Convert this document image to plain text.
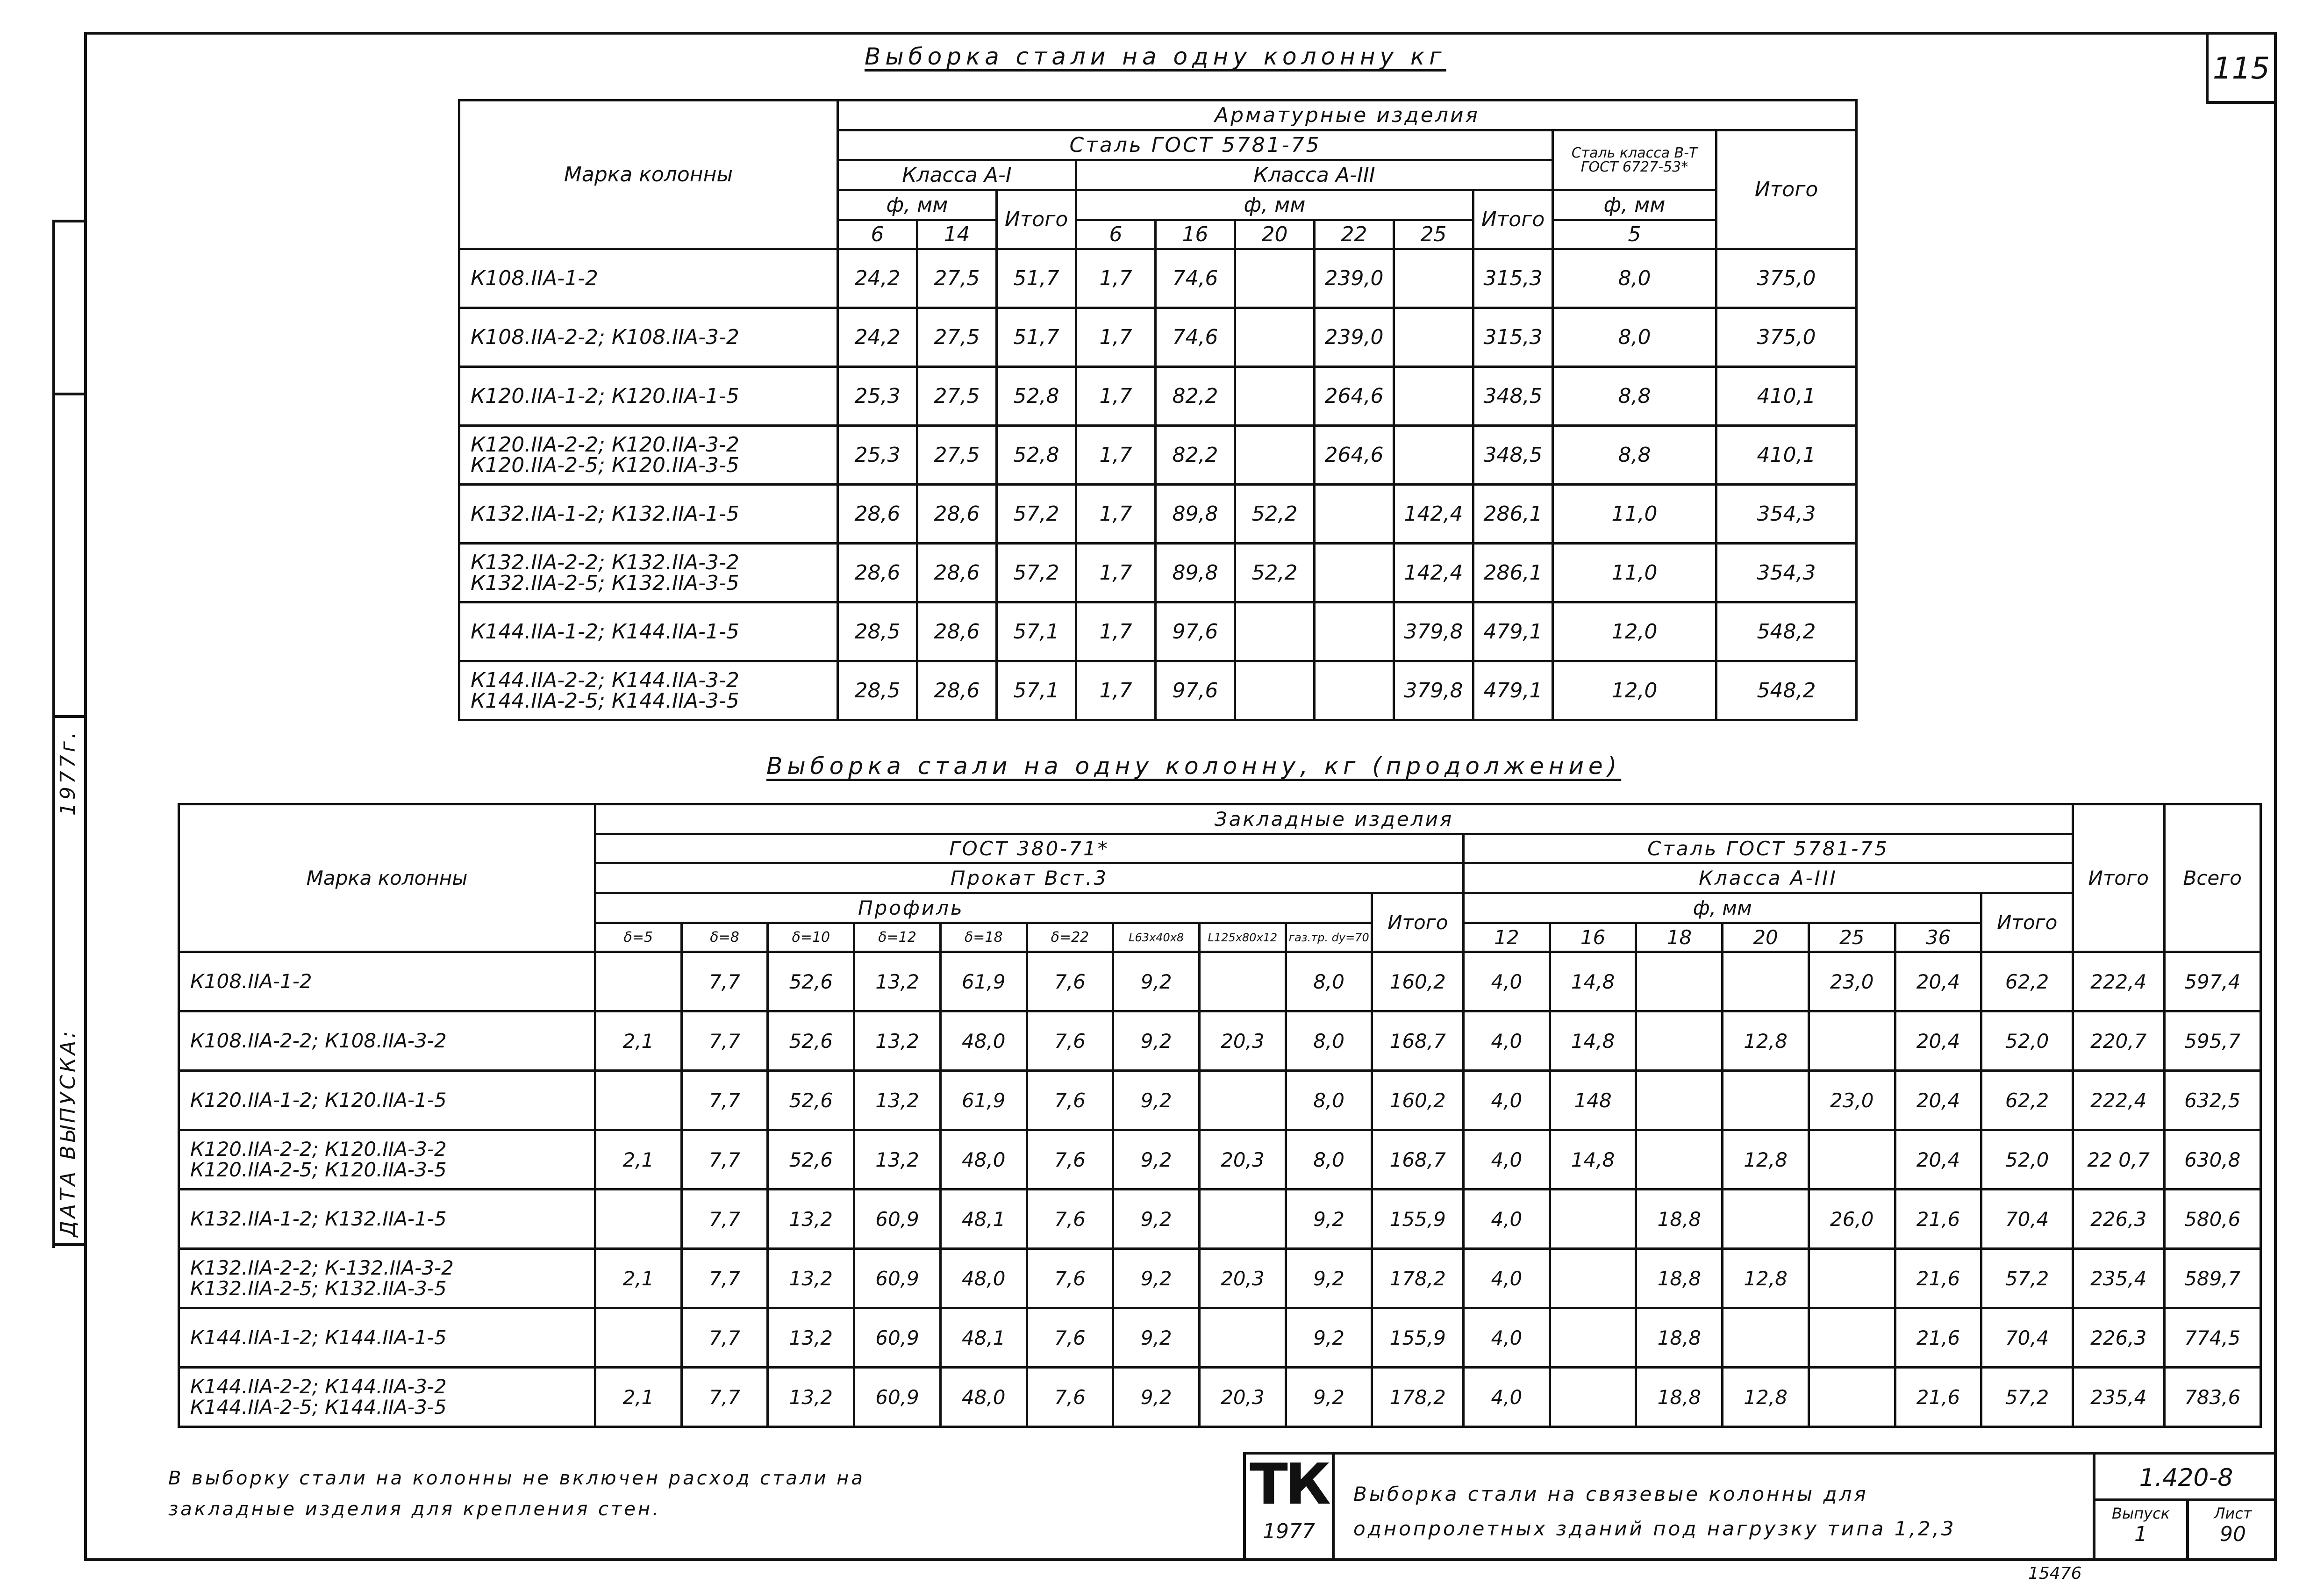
ДАТА ВЫПУСКА:
1977г.
115
Выборка стали на одну колонну кг
Марка колонны	Арматурные изделия										
	Сталь ГОСТ 5781-75									Сталь класса В-Т ГОСТ 6727-53*	Итого
	Класса А-I			Класса А-III							
	ф, мм		Итого	ф, мм					Итого	ф, мм	
	6	14		6	16	20	22	25		5	

К108.IIА-1-2	24,2	27,5	51,7	1,7	74,6		239,0		315,3	8,0	375,0

К108.IIА-2-2; К108.IIА-3-2	24,2	27,5	51,7	1,7	74,6		239,0		315,3	8,0	375,0

К120.IIА-1-2; К120.IIА-1-5	25,3	27,5	52,8	1,7	82,2		264,6		348,5	8,8	410,1

К120.IIА-2-2; К120.IIА-3-2
К120.IIА-2-5; К120.IIА-3-5	25,3	27,5	52,8	1,7	82,2		264,6		348,5	8,8	410,1

К132.IIА-1-2; К132.IIА-1-5	28,6	28,6	57,2	1,7	89,8	52,2		142,4	286,1	11,0	354,3

К132.IIА-2-2; К132.IIА-3-2
К132.IIА-2-5; К132.IIА-3-5	28,6	28,6	57,2	1,7	89,8	52,2		142,4	286,1	11,0	354,3

К144.IIА-1-2; К144.IIА-1-5	28,5	28,6	57,1	1,7	97,6			379,8	479,1	12,0	548,2

К144.IIА-2-2; К144.IIА-3-2
К144.IIА-2-5; К144.IIА-3-5	28,5	28,6	57,1	1,7	97,6			379,8	479,1	12,0	548,2
Выборка стали на одну колонну, кг (продолжение)
Марка колонны	Закладные изделия																	Итого	Всего
	ГОСТ 380-71*										Сталь ГОСТ 5781-75								
	Прокат Вст.3										Класса А-III								
	Профиль									Итого	ф, мм						Итого		
	δ=5	δ=8	δ=10	δ=12	δ=18	δ=22	L63x40x8	L125x80x12	газ.тр. dу=70		12	16	18	20	25	36			

К108.IIА-1-2		7,7	52,6	13,2	61,9	7,6	9,2		8,0	160,2	4,0	14,8			23,0	20,4	62,2	222,4	597,4

К108.IIА-2-2; К108.IIА-3-2	2,1	7,7	52,6	13,2	48,0	7,6	9,2	20,3	8,0	168,7	4,0	14,8		12,8		20,4	52,0	220,7	595,7

К120.IIА-1-2; К120.IIА-1-5		7,7	52,6	13,2	61,9	7,6	9,2		8,0	160,2	4,0	148			23,0	20,4	62,2	222,4	632,5

К120.IIА-2-2; К120.IIА-3-2
К120.IIА-2-5; К120.IIА-3-5	2,1	7,7	52,6	13,2	48,0	7,6	9,2	20,3	8,0	168,7	4,0	14,8		12,8		20,4	52,0	22 0,7	630,8

К132.IIА-1-2; К132.IIА-1-5		7,7	13,2	60,9	48,1	7,6	9,2		9,2	155,9	4,0		18,8		26,0	21,6	70,4	226,3	580,6

К132.IIА-2-2; К-132.IIА-3-2
К132.IIА-2-5; К132.IIА-3-5	2,1	7,7	13,2	60,9	48,0	7,6	9,2	20,3	9,2	178,2	4,0		18,8	12,8		21,6	57,2	235,4	589,7

К144.IIА-1-2; К144.IIА-1-5		7,7	13,2	60,9	48,1	7,6	9,2		9,2	155,9	4,0		18,8			21,6	70,4	226,3	774,5

К144.IIА-2-2; К144.IIА-3-2
К144.IIА-2-5; К144.IIА-3-5	2,1	7,7	13,2	60,9	48,0	7,6	9,2	20,3	9,2	178,2	4,0		18,8	12,8		21,6	57,2	235,4	783,6
В выборку стали на колонны не включен расход стали на
закладные изделия для крепления стен.	ТК
1977
Выборка стали на связевые колонны для
однопролетных зданий под нагрузку типа 1,2,3
1.420-8
Выпуск
1
Лист
90
15476
